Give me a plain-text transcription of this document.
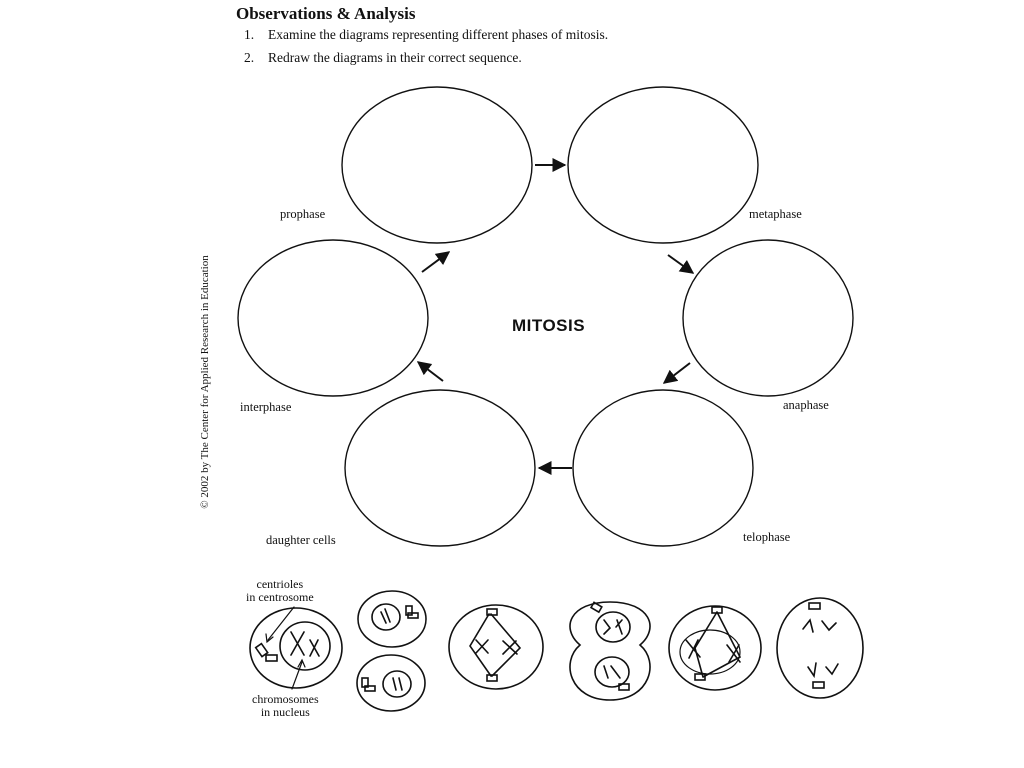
Observations & Analysis
1. Examine the diagrams representing different phases of mitosis.
2. Redraw the diagrams in their correct sequence.
prophase	metaphase
anaphase
telophase
daughter cells
interphase
MITOSIS
© 2002 by The Center for Applied Research in Education
centrioles
in centrosome
chromosomes
in nucleus
